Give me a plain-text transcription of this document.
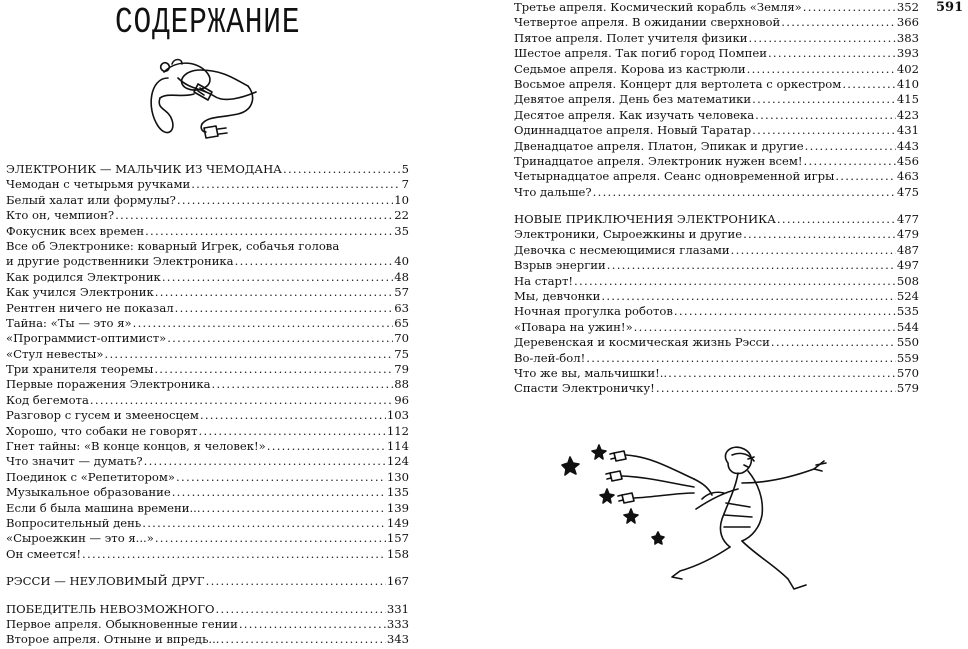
СОДЕРЖАНИЕ	591
ЭЛЕКТРОНИК — МАЛЬЧИК ИЗ ЧЕМОДАНА . . .	5
Чемодан с четырьмя ручками . . .	7
Белый халат или формулы? . . .	10
Кто он, чемпион? . . .	22
Фокусник всех времен . . .	35
Все об Электронике: коварный Игрек, собачья голова
и другие родственники Электроника . . .	40
Как родился Электроник . . .	48
Как учился Электроник . . .	57
Рентген ничего не показал . . .	63
Тайна: «Ты — это я» . . .	65
«Программист-оптимист» . . .	70
«Стул невесты» . . .	75
Три хранителя теоремы . . .	79
Первые поражения Электроника . . .	88
Код бегемота . . .	96
Разговор с гусем и змееносцем . . .	103
Хорошо, что собаки не говорят . . .	112
Гнет тайны: «В конце концов, я человек!» . . .	114
Что значит — думать? . . .	124
Поединок с «Репетитором» . . .	130
Музыкальное образование . . .	135
Если б была машина времени... . . .	139
Вопросительный день . . .	149
«Сыроежкин — это я...» . . .	157
Он смеется! . . .	158
РЭССИ — НЕУЛОВИМЫЙ ДРУГ . . .	167
ПОБЕДИТЕЛЬ НЕВОЗМОЖНОГО . . .	331
Первое апреля. Обыкновенные гении . . .	333
Второе апреля. Отныне и впредь... . . .	343
Третье апреля. Космический корабль «Земля» . . .	352
Четвертое апреля. В ожидании сверхновой . . .	366
Пятое апреля. Полет учителя физики . . .	383
Шестое апреля. Так погиб город Помпеи . . .	393
Седьмое апреля. Корова из кастрюли . . .	402
Восьмое апреля. Концерт для вертолета с оркестром . . .	410
Девятое апреля. День без математики . . .	415
Десятое апреля. Как изучать человека . . .	423
Одиннадцатое апреля. Новый Таратар . . .	431
Двенадцатое апреля. Платон, Эпикак и другие . . .	443
Тринадцатое апреля. Электроник нужен всем! . . .	456
Четырнадцатое апреля. Сеанс одновременной игры . . .	463
Что дальше? . . .	475
НОВЫЕ ПРИКЛЮЧЕНИЯ ЭЛЕКТРОНИКА . . .	477
Электроники, Сыроежкины и другие . . .	479
Девочка с несмеющимися глазами . . .	487
Взрыв энергии . . .	497
На старт! . . .	508
Мы, девчонки . . .	524
Ночная прогулка роботов . . .	535
«Повара на ужин!» . . .	544
Деревенская и космическая жизнь Рэсси . . .	550
Во-лей-бол! . . .	559
Что же вы, мальчишки!.. . . .	570
Спасти Электроничку! . . .	579
